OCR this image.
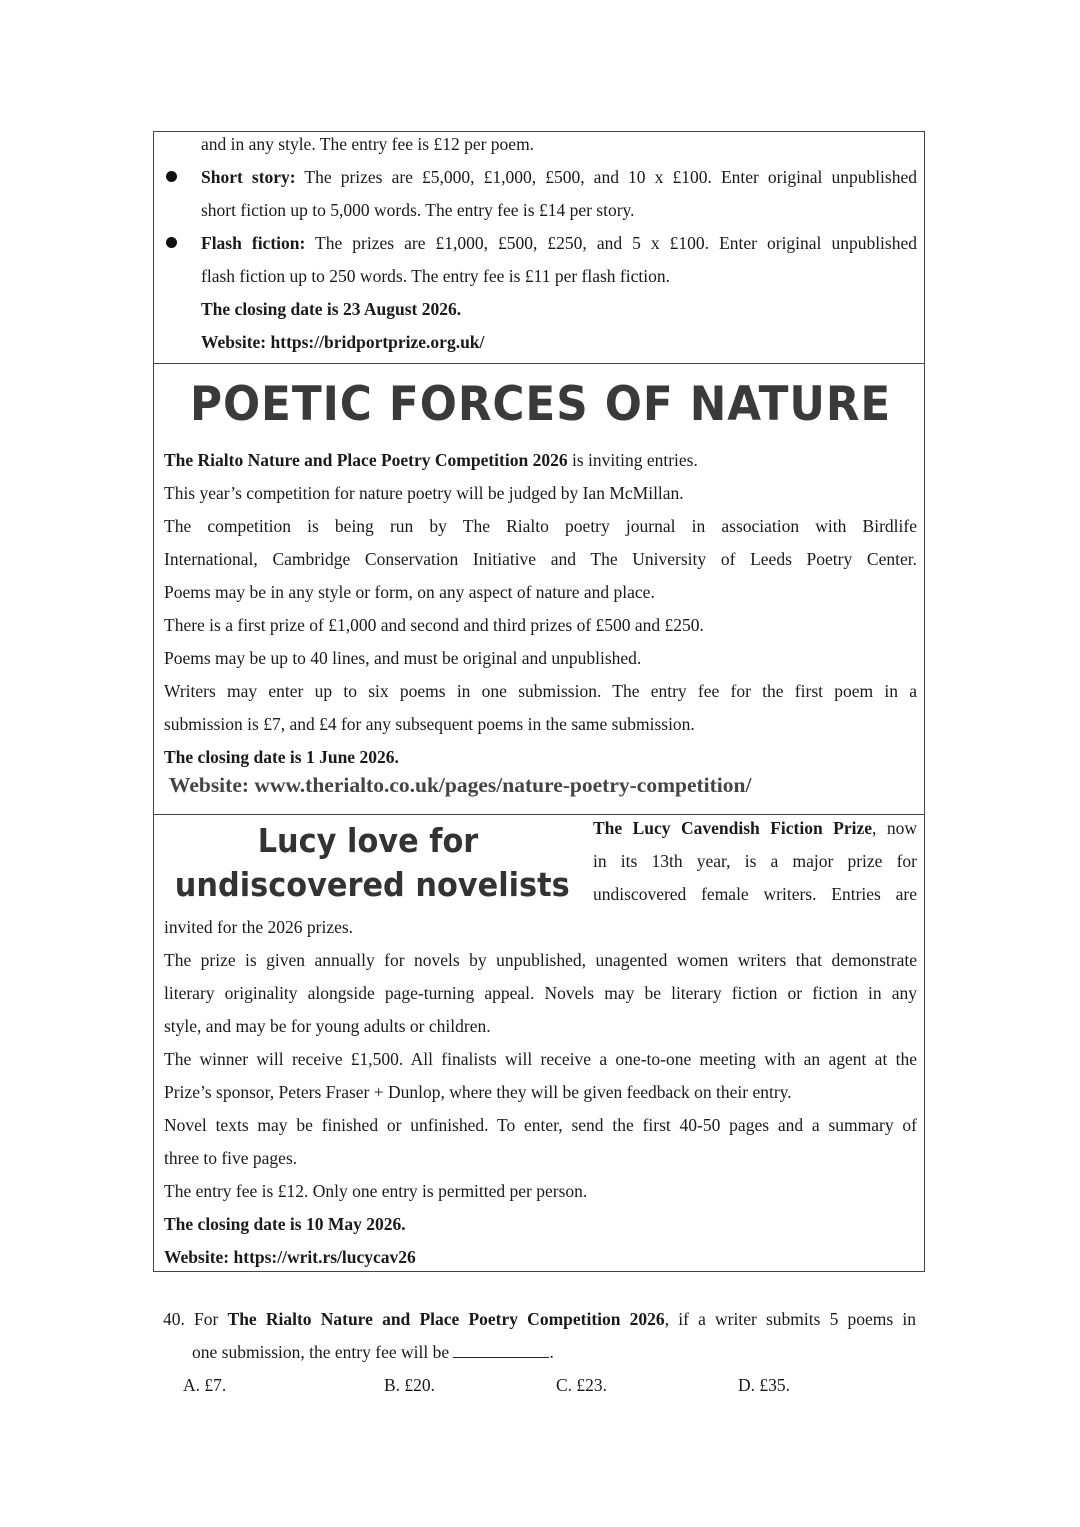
and in any style. The entry fee is £12 per poem.
Short story: The prizes are £5,000, £1,000, £500, and 10 x £100. Enter original unpublished
short fiction up to 5,000 words. The entry fee is £14 per story.
Flash fiction: The prizes are £1,000, £500, £250, and 5 x £100. Enter original unpublished
flash fiction up to 250 words. The entry fee is £11 per flash fiction.
The closing date is 23 August 2026.
Website: https://bridportprize.org.uk/
POETIC FORCES OF NATURE
The Rialto Nature and Place Poetry Competition 2026 is inviting entries.
This year’s competition for nature poetry will be judged by Ian McMillan.
The competition is being run by The Rialto poetry journal in association with Birdlife
International, Cambridge Conservation Initiative and The University of Leeds Poetry Center.
Poems may be in any style or form, on any aspect of nature and place.
There is a first prize of £1,000 and second and third prizes of £500 and £250.
Poems may be up to 40 lines, and must be original and unpublished.
Writers may enter up to six poems in one submission. The entry fee for the first poem in a
submission is £7, and £4 for any subsequent poems in the same submission.
The closing date is 1 June 2026.
Website: www.therialto.co.uk/pages/nature-poetry-competition/
Lucy love for
undiscovered novelists
The Lucy Cavendish Fiction Prize, now
in its 13th year, is a major prize for
undiscovered female writers. Entries are
invited for the 2026 prizes.
The prize is given annually for novels by unpublished, unagented women writers that demonstrate
literary originality alongside page-turning appeal. Novels may be literary fiction or fiction in any
style, and may be for young adults or children.
The winner will receive £1,500. All finalists will receive a one-to-one meeting with an agent at the
Prize’s sponsor, Peters Fraser + Dunlop, where they will be given feedback on their entry.
Novel texts may be finished or unfinished. To enter, send the first 40-50 pages and a summary of
three to five pages.
The entry fee is £12. Only one entry is permitted per person.
The closing date is 10 May 2026.
Website: https://writ.rs/lucycav26
40. For The Rialto Nature and Place Poetry Competition 2026, if a writer submits 5 poems in
one submission, the entry fee will be	.
A. £7.	B. £20.	C. £23.	D. £35.
